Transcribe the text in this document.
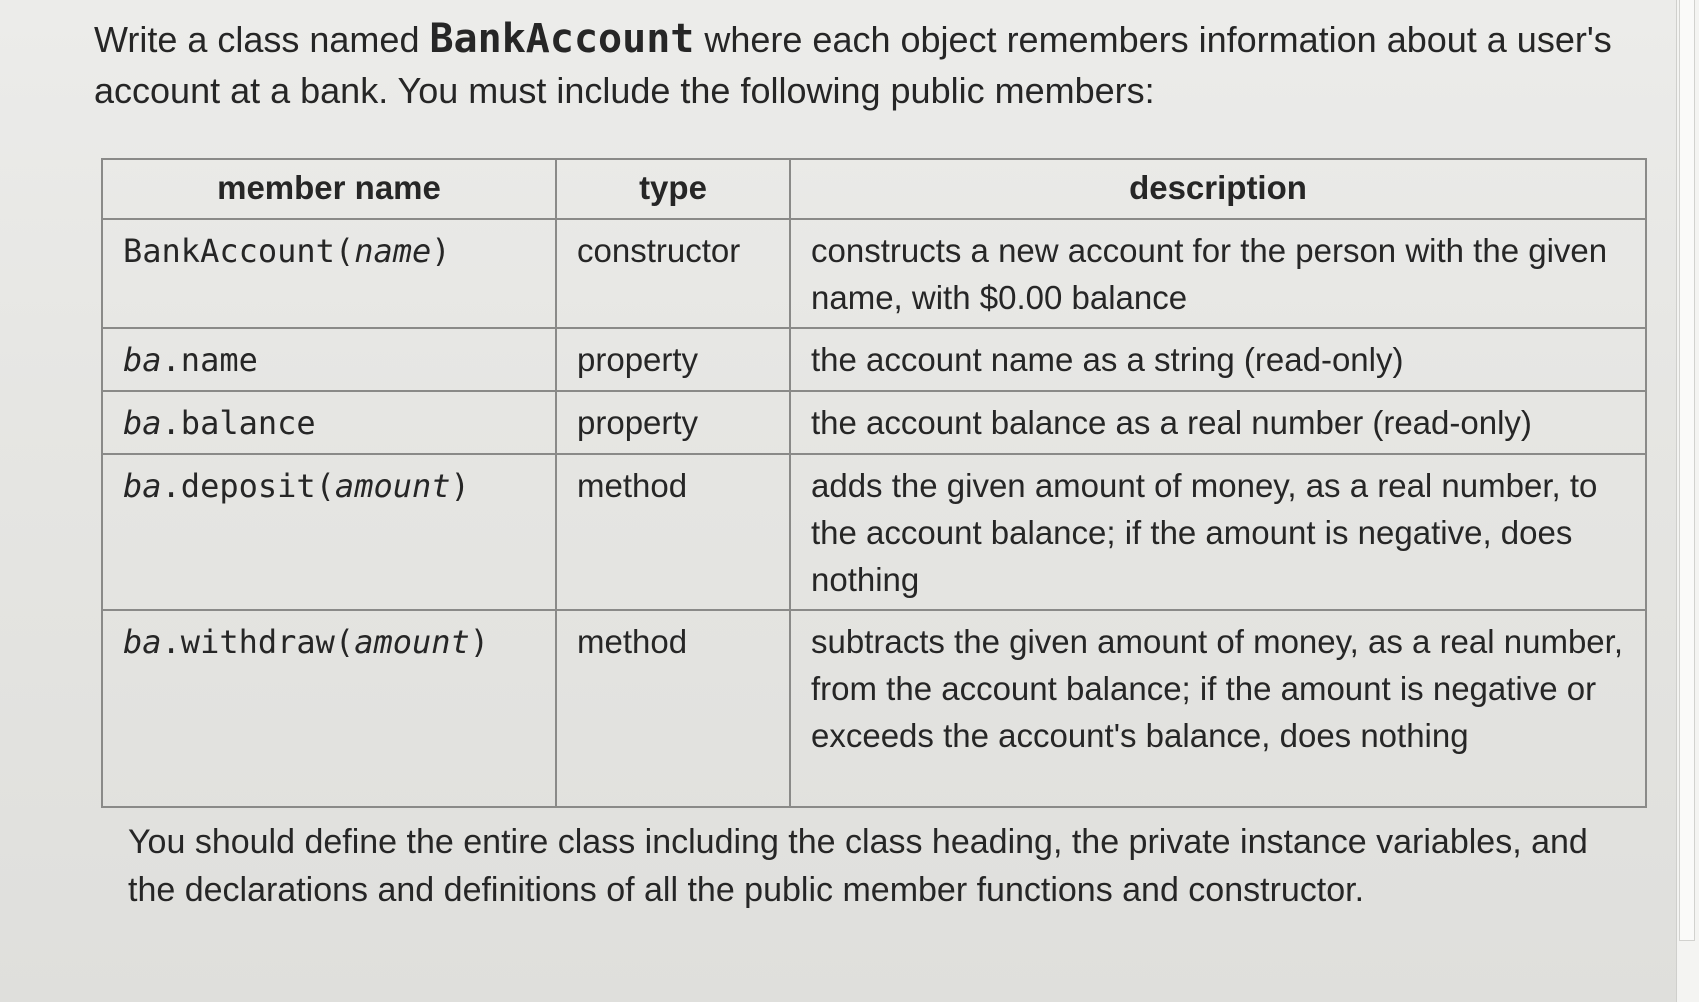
Write a class named BankAccount where each object remembers information about a user's account at a bank. You must include the following public members:

member name	type	description
BankAccount(name)	constructor	constructs a new account for the person with the given name, with $0.00 balance
ba.name	property	the account name as a string (read-only)
ba.balance	property	the account balance as a real number (read-only)
ba.deposit(amount)	method	adds the given amount of money, as a real number, to the account balance; if the amount is negative, does nothing
ba.withdraw(amount)	method	subtracts the given amount of money, as a real number, from the account balance; if the amount is negative or exceeds the account's balance, does nothing

You should define the entire class including the class heading, the private instance variables, and the declarations and definitions of all the public member functions and constructor.
